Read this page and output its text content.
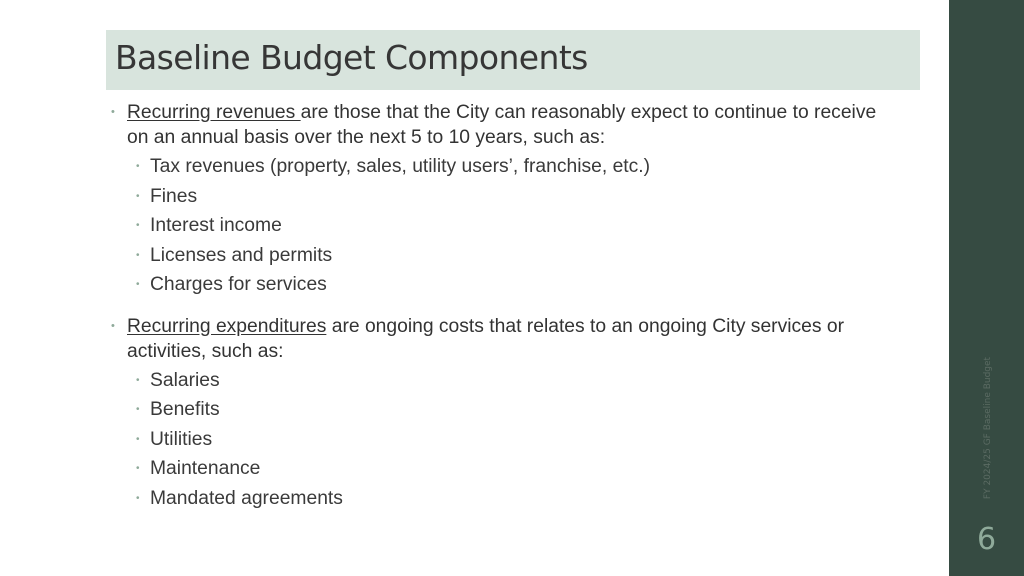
Baseline Budget Components
• Recurring revenues are those that the City can reasonably expect to continue to receive on an annual basis over the next 5 to 10 years, such as:
• Tax revenues (property, sales, utility users’, franchise, etc.)
• Fines
• Interest income
• Licenses and permits
• Charges for services
• Recurring expenditures are ongoing costs that relates to an ongoing City services or activities, such as:
• Salaries
• Benefits
• Utilities
• Maintenance
• Mandated agreements	FY 2024/25 GF Baseline Budget
6
